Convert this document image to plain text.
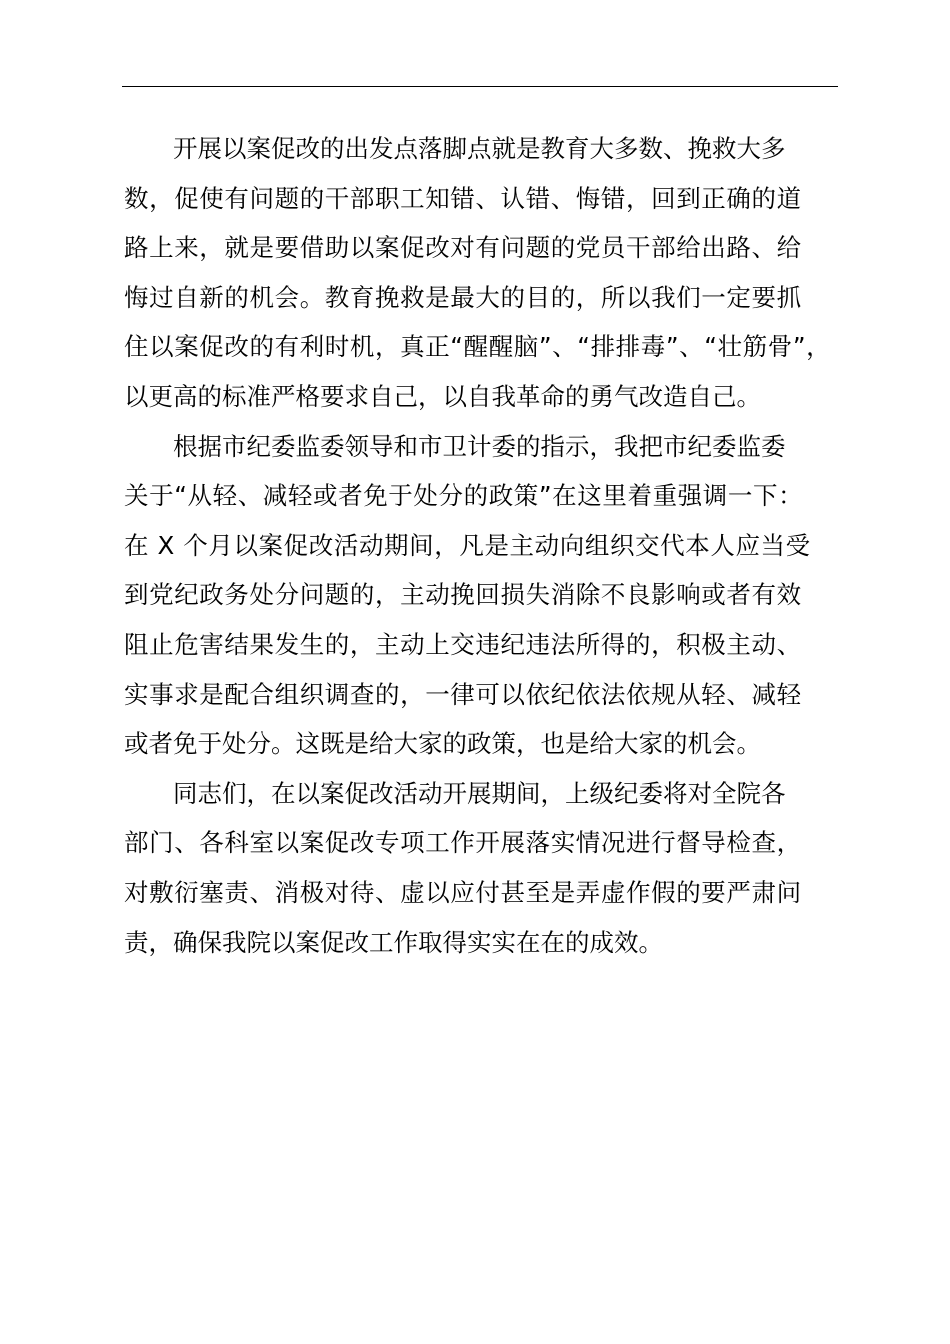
开展以案促改的出发点落脚点就是教育大多数、挽救大多
数，促使有问题的干部职工知错、认错、悔错，回到正确的道
路上来，就是要借助以案促改对有问题的党员干部给出路、给
悔过自新的机会。教育挽救是最大的目的，所以我们一定要抓
住以案促改的有利时机，真正“醒醒脑”、“排排毒”、“壮筋骨”，
以更高的标准严格要求自己，以自我革命的勇气改造自己。
根据市纪委监委领导和市卫计委的指示，我把市纪委监委
关于“从轻、减轻或者免于处分的政策”在这里着重强调一下：
在 X 个月以案促改活动期间，凡是主动向组织交代本人应当受
到党纪政务处分问题的，主动挽回损失消除不良影响或者有效
阻止危害结果发生的，主动上交违纪违法所得的，积极主动、
实事求是配合组织调查的，一律可以依纪依法依规从轻、减轻
或者免于处分。这既是给大家的政策，也是给大家的机会。
同志们，在以案促改活动开展期间，上级纪委将对全院各
部门、各科室以案促改专项工作开展落实情况进行督导检查，
对敷衍塞责、消极对待、虚以应付甚至是弄虚作假的要严肃问
责，确保我院以案促改工作取得实实在在的成效。
